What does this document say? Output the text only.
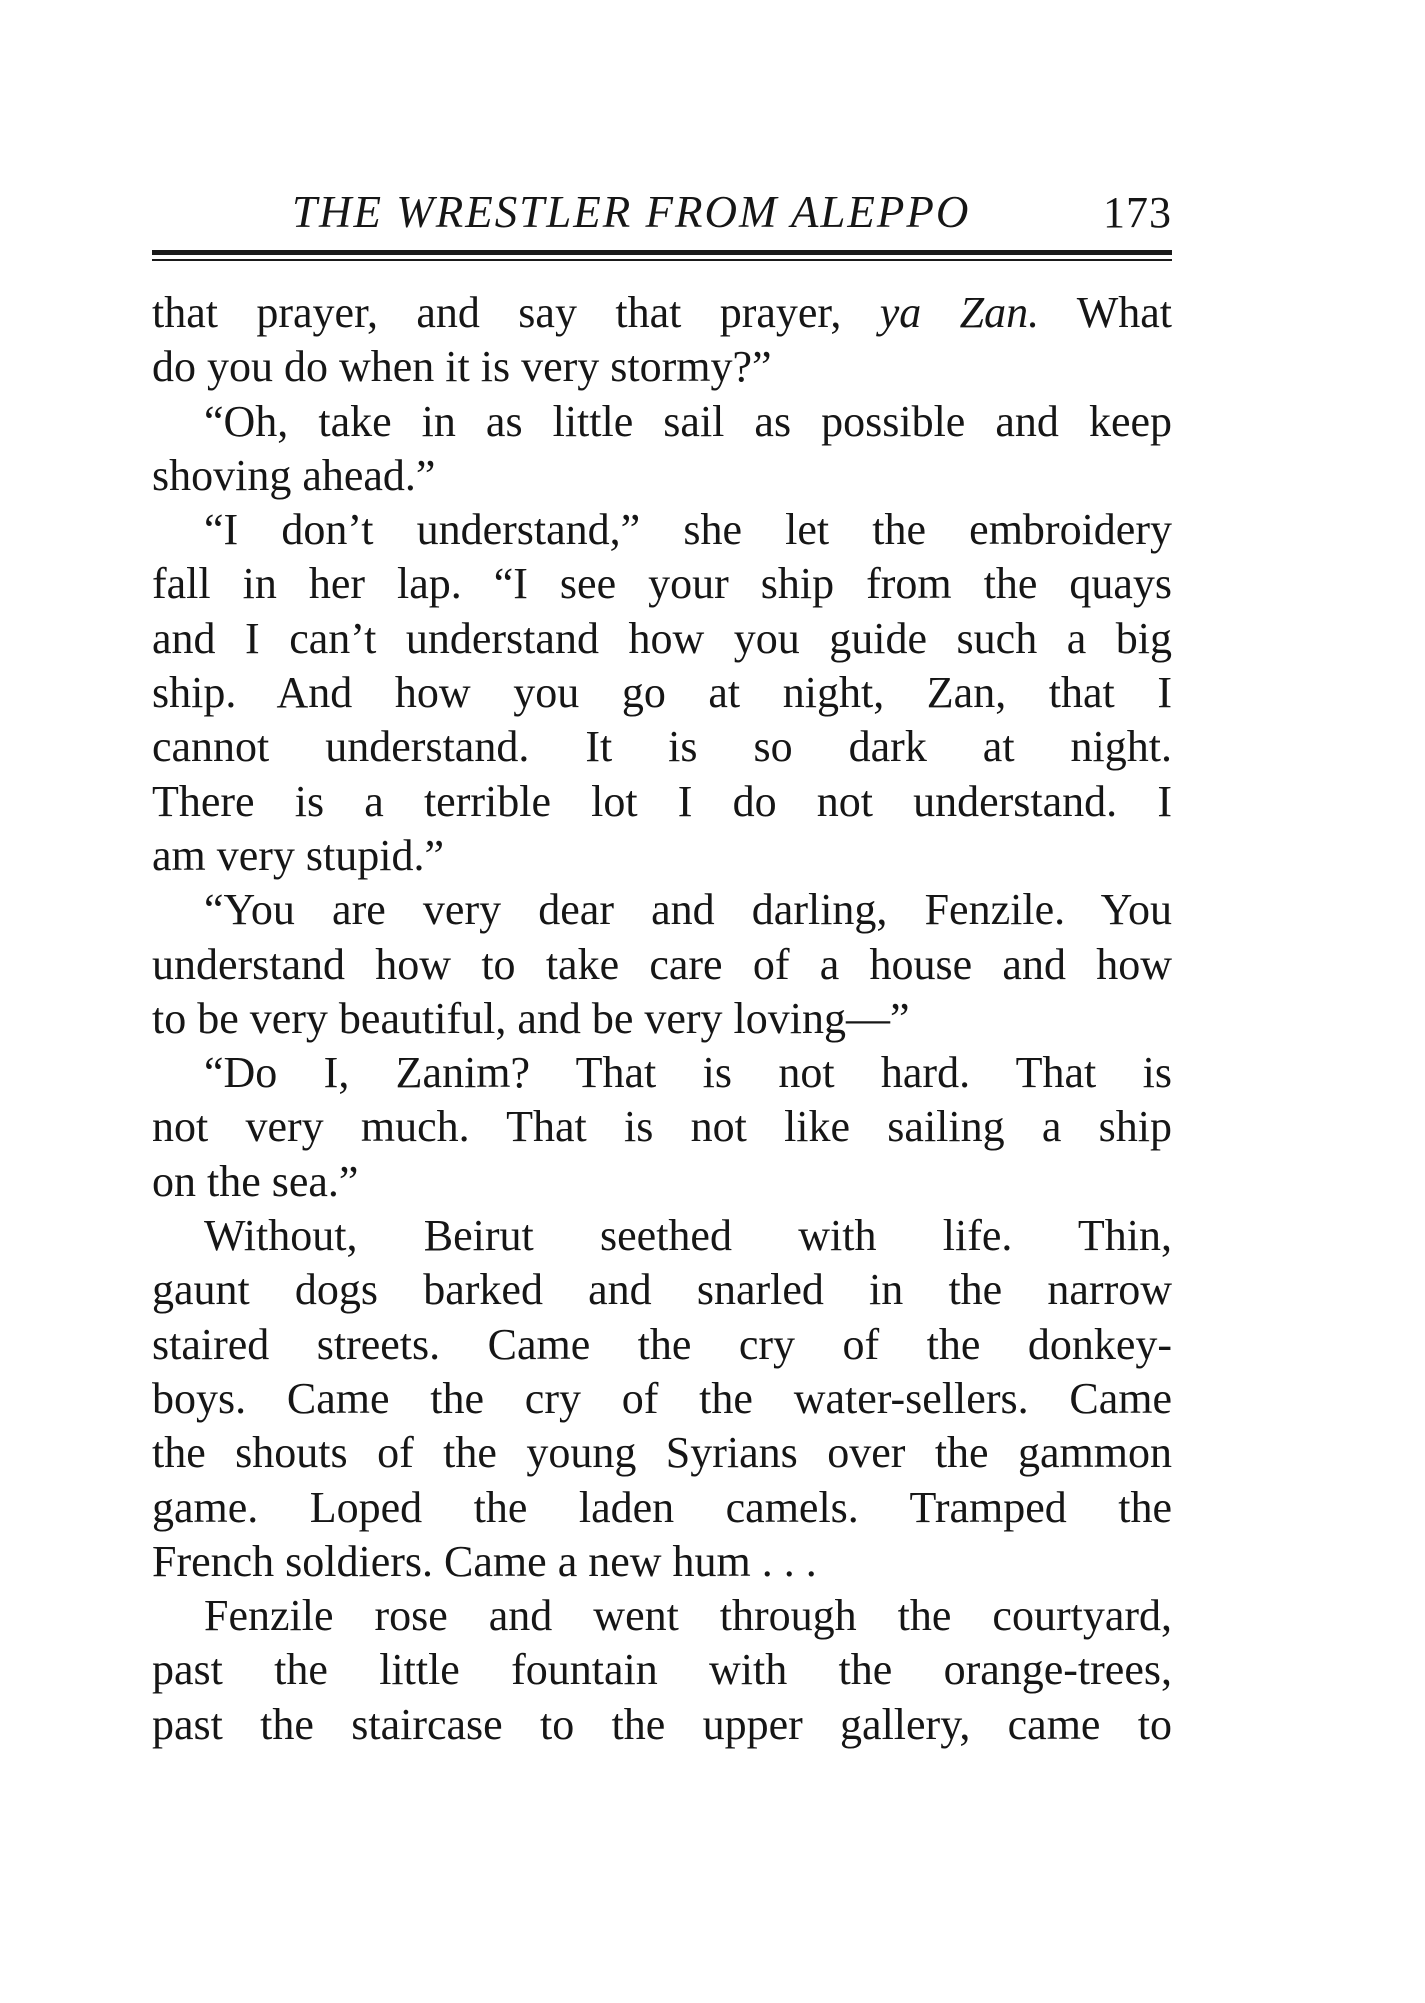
THE WRESTLER FROM ALEPPO	173
that prayer, and say that prayer, ya Zan. What
do you do when it is very stormy?”
“Oh, take in as little sail as possible and keep
shoving ahead.”
“I don’t understand,” she let the embroidery
fall in her lap. “I see your ship from the quays
and I can’t understand how you guide such a big
ship. And how you go at night, Zan, that I
cannot understand. It is so dark at night.
There is a terrible lot I do not understand. I
am very stupid.”
“You are very dear and darling, Fenzile. You
understand how to take care of a house and how
to be very beautiful, and be very loving—”
“Do I, Zanim? That is not hard. That is
not very much. That is not like sailing a ship
on the sea.”
Without, Beirut seethed with life. Thin,
gaunt dogs barked and snarled in the narrow
staired streets. Came the cry of the donkey-
boys. Came the cry of the water-sellers. Came
the shouts of the young Syrians over the gammon
game. Loped the laden camels. Tramped the
French soldiers. Came a new hum . . .
Fenzile rose and went through the courtyard,
past the little fountain with the orange-trees,
past the staircase to the upper gallery, came to
